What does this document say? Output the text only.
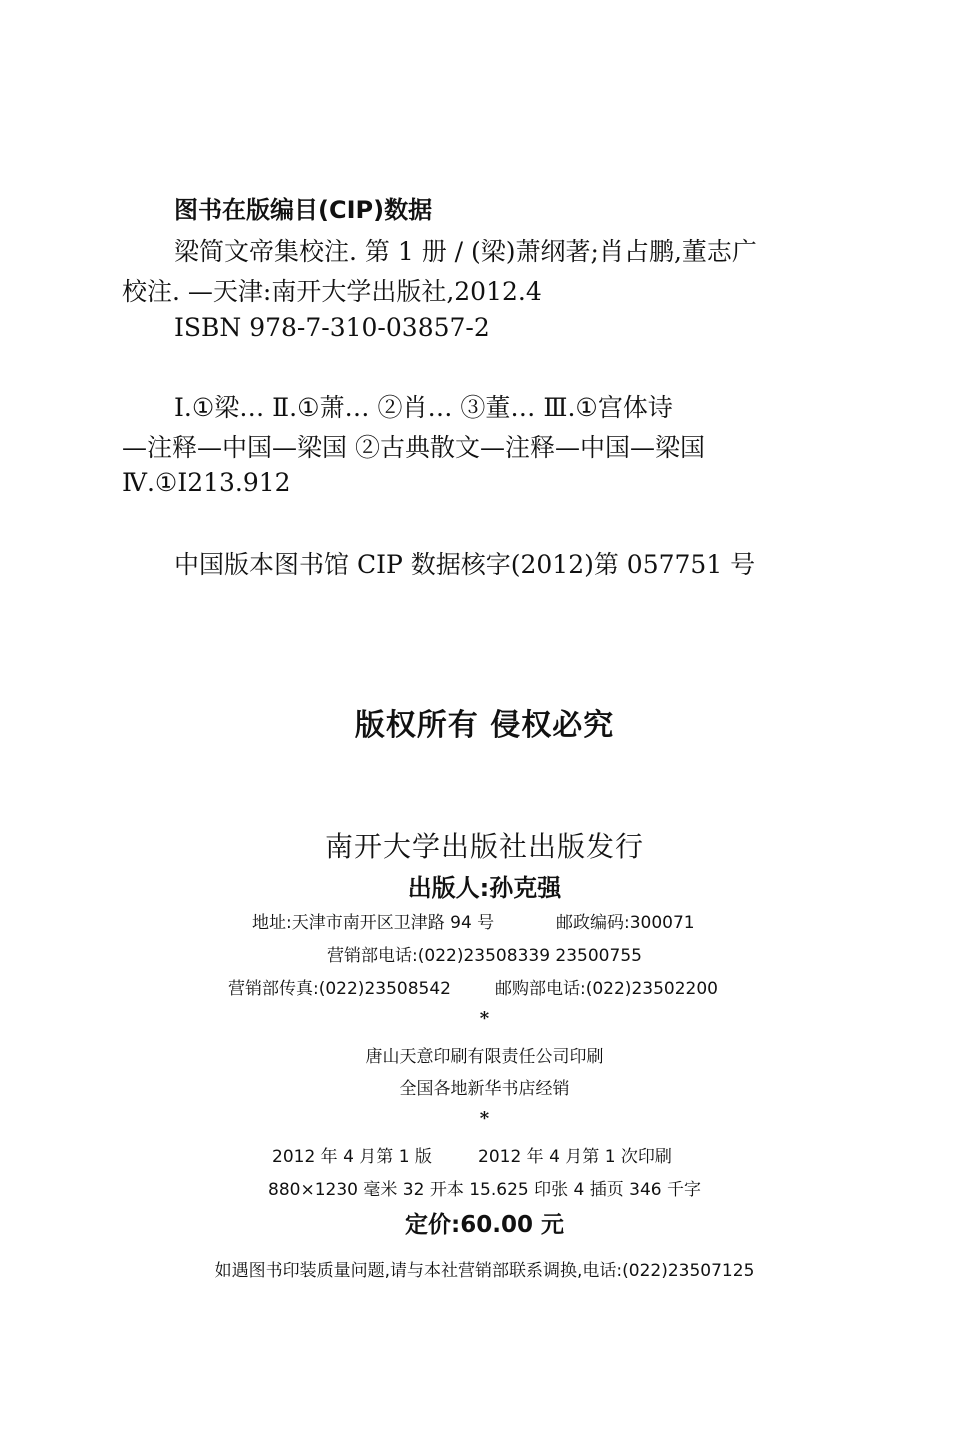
图书在版编目(CIP)数据
梁简文帝集校注. 第 1 册 / (梁)萧纲著;肖占鹏,董志广
校注. —天津:南开大学出版社,2012.4
ISBN 978-7-310-03857-2
Ⅰ.①梁… Ⅱ.①萧… ②肖… ③董… Ⅲ.①宫体诗
—注释—中国—梁国 ②古典散文—注释—中国—梁国
Ⅳ.①I213.912
中国版本图书馆 CIP 数据核字(2012)第 057751 号
版权所有 侵权必究
南开大学出版社出版发行
出版人:孙克强
地址:天津市南开区卫津路 94 号	邮政编码:300071
营销部电话:(022)23508339 23500755
营销部传真:(022)23508542	邮购部电话:(022)23502200
*
唐山天意印刷有限责任公司印刷
全国各地新华书店经销
*
2012 年 4 月第 1 版	2012 年 4 月第 1 次印刷
880×1230 毫米 32 开本 15.625 印张 4 插页 346 千字
定价:60.00 元
如遇图书印装质量问题,请与本社营销部联系调换,电话:(022)23507125
